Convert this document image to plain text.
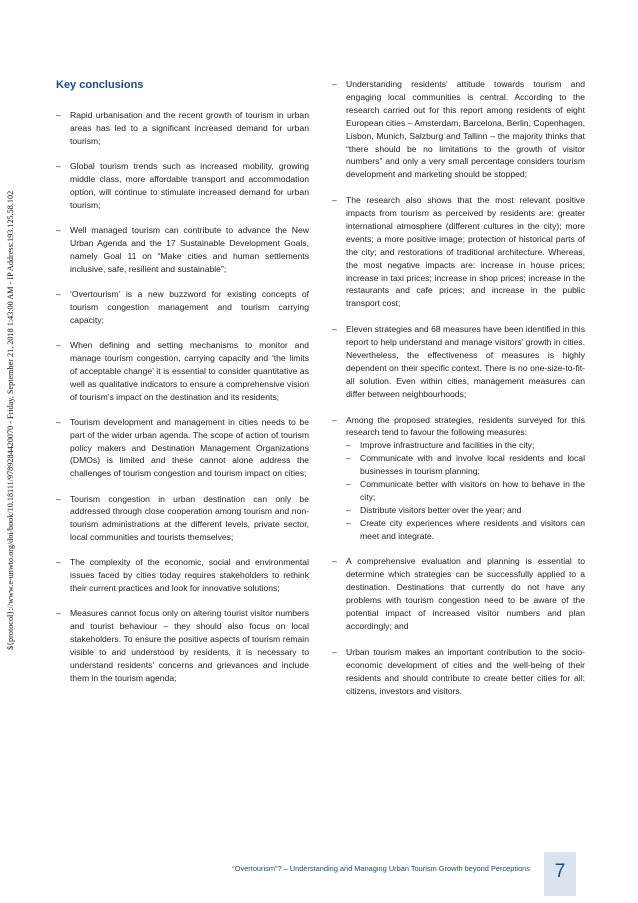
${protocol}://www.e-unwto.org/doi/book/10.18111/9789284420070 - Friday, September 21, 2018 1:43:00 AM - IP Address:193.125.58.102
Key conclusions
– Rapid urbanisation and the recent growth of tourism in urban areas has led to a significant increased demand for urban tourism;
– Global tourism trends such as increased mobility, growing middle class, more affordable transport and accommodation option, will continue to stimulate increased demand for urban tourism;
– Well managed tourism can contribute to advance the New Urban Agenda and the 17 Sustainable Development Goals, namely Goal 11 on “Make cities and human settlements inclusive, safe, resilient and sustainable”;
– ‘Overtourism’ is a new buzzword for existing concepts of tourism congestion management and tourism carrying capacity;
– When defining and setting mechanisms to monitor and manage tourism congestion, carrying capacity and ‘the limits of acceptable change’ it is essential to consider quantitative as well as qualitative indicators to ensure a comprehensive vision of tourism’s impact on the destination and its residents;
– Tourism development and management in cities needs to be part of the wider urban agenda. The scope of action of tourism policy makers and Destination Management Organizations (DMOs) is limited and these cannot alone address the challenges of tourism congestion and tourism impact on cities;
– Tourism congestion in urban destination can only be addressed through close cooperation among tourism and non-tourism administrations at the different levels, private sector, local communities and tourists themselves;
– The complexity of the economic, social and environmental issues faced by cities today requires stakeholders to rethink their current practices and look for innovative solutions;
– Measures cannot focus only on altering tourist visitor numbers and tourist behaviour – they should also focus on local stakeholders. To ensure the positive aspects of tourism remain visible to and understood by residents, it is necessary to understand residents’ concerns and grievances and include them in the tourism agenda;
– Understanding residents’ attitude towards tourism and engaging local communities is central. According to the research carried out for this report among residents of eight European cities – Amsterdam, Barcelona, Berlin, Copenhagen, Lisbon, Munich, Salzburg and Tallinn – the majority thinks that “there should be no limitations to the growth of visitor numbers” and only a very small percentage considers tourism development and marketing should be stopped;
– The research also shows that the most relevant positive impacts from tourism as perceived by residents are: greater international atmosphere (different cultures in the city); more events; a more positive image; protection of historical parts of the city; and restorations of traditional architecture. Whereas, the most negative impacts are: increase in house prices; increase in taxi prices; increase in shop prices; increase in the restaurants and cafe prices; and increase in the public transport cost;
– Eleven strategies and 68 measures have been identified in this report to help understand and manage visitors’ growth in cities. Nevertheless, the effectiveness of measures is highly dependent on their specific context. There is no one-size-to-fit-all solution. Even within cities, management measures can differ between neighbourhoods;
– Among the proposed strategies, residents surveyed for this research tend to favour the following measures:
– Improve infrastructure and facilities in the city;
– Communicate with and involve local residents and local businesses in tourism planning;
– Communicate better with visitors on how to behave in the city;
– Distribute visitors better over the year; and
– Create city experiences where residents and visitors can meet and integrate.
– A comprehensive evaluation and planning is essential to determine which strategies can be successfully applied to a destination. Destinations that currently do not have any problems with tourism congestion need to be aware of the potential impact of increased visitor numbers and plan accordingly; and
– Urban tourism makes an important contribution to the socio-economic development of cities and the well-being of their residents and should contribute to create better cities for all: citizens, investors and visitors.
“Overtourism”? – Understanding and Managing Urban Tourism Growth beyond Perceptions	7
